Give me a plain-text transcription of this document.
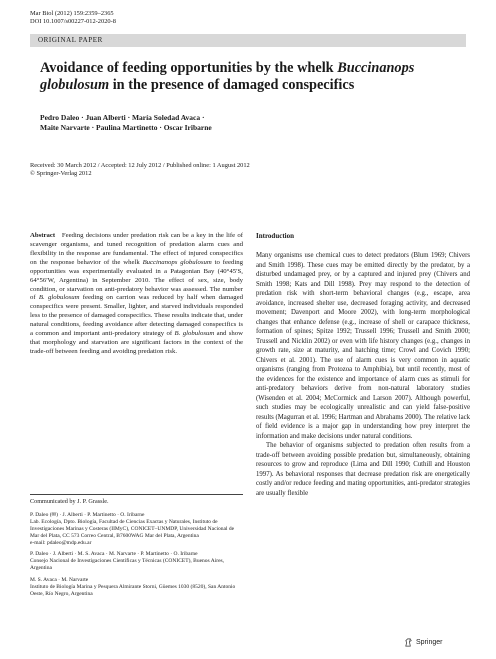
Mar Biol (2012) 159:2359–2365
DOI 10.1007/s00227-012-2020-8
ORIGINAL PAPER
Avoidance of feeding opportunities by the whelk Buccinanops globulosum in the presence of damaged conspecifics
Pedro Daleo · Juan Alberti · María Soledad Avaca ·
Maite Narvarte · Paulina Martinetto · Oscar Iribarne
Received: 30 March 2012 / Accepted: 12 July 2012 / Published online: 1 August 2012
© Springer-Verlag 2012

Abstract Feeding decisions under predation risk can be a key in the life of scavenger organisms, and tuned recognition of predation alarm cues and flexibility in the response are fundamental. The effect of injured conspecifics on the response behavior of the whelk Buccinanops globulosum to feeding opportunities was experimentally evaluated in a Patagonian Bay (40°45′S, 64°56′W, Argentina) in September 2010. The effect of sex, size, body condition, or starvation on anti-predatory behavior was assessed. The number of B. globulosum feeding on carrion was reduced by half when damaged conspecifics were present. Smaller, lighter, and starved individuals responded less to the presence of damaged conspecifics. These results indicate that, under natural conditions, feeding avoidance after detecting damaged conspecifics is a common and important anti-predatory strategy of B. globulosum and show that morphology and starvation are significant factors in the context of the trade-off between feeding and avoiding predation risk.

Communicated by J. P. Grassle.

P. Daleo (✉) · J. Alberti · P. Martinetto · O. Iribarne

Lab. Ecología, Dpto. Biología, Facultad de Ciencias Exactas y Naturales, Instituto de Investigaciones Marinas y Costeras (IIMyC), CONICET–UNMDP, Universidad Nacional de Mar del Plata, CC 573 Correo Central, B7600WAG Mar del Plata, Argentina

e-mail: pdaleo@mdp.edu.ar

P. Daleo · J. Alberti · M. S. Avaca · M. Narvarte · P. Martinetto · O. Iribarne

Consejo Nacional de Investigaciones Científicas y Técnicas (CONICET), Buenos Aires, Argentina

M. S. Avaca · M. Narvarte

Instituto de Biología Marina y Pesquera Almirante Storni, Güemes 1030 (8520), San Antonio Oeste, Río Negro, Argentina

Introduction

Many organisms use chemical cues to detect predators (Blum 1969; Chivers and Smith 1998). These cues may be emitted directly by the predator, by a disturbed undamaged prey, or by a captured and injured prey (Chivers and Smith 1998; Kats and Dill 1998). Prey may respond to the detection of predation risk with short-term behavioral changes (e.g., escape, area avoidance, increased shelter use, decreased foraging activity, and decreased movement; Davenport and Moore 2002), with long-term morphological changes that enhance defense (e.g., increase of shell or carapace thickness, formation of spines; Spitze 1992; Trussell 1996; Trussell and Smith 2000; Trussell and Nicklin 2002) or even with life history changes (e.g., changes in growth rate, size at maturity, and hatching time; Crowl and Covich 1990; Chivers et al. 2001). The use of alarm cues is very common in aquatic organisms (ranging from Protozoa to Amphibia), but until recently, most of the evidences for the existence and importance of alarm cues as stimuli for anti-predatory behaviors derive from non-natural laboratory studies (Wisenden et al. 2004; McCormick and Larson 2007). Although powerful, such studies may be ecologically unrealistic and can yield false-positive results (Magurran et al. 1996; Hartman and Abrahams 2000). The relative lack of field evidence is a major gap in understanding how prey interpret the information and make decisions under natural conditions.

The behavior of organisms subjected to predation often results from a trade-off between avoiding possible predation but, simultaneously, obtaining resources to grow and reproduce (Lima and Dill 1990; Cuthill and Houston 1997). As behavioral responses that decrease predation risk are energetically costly and/or reduce feeding and mating opportunities, anti-predator strategies are usually flexible

Springer
